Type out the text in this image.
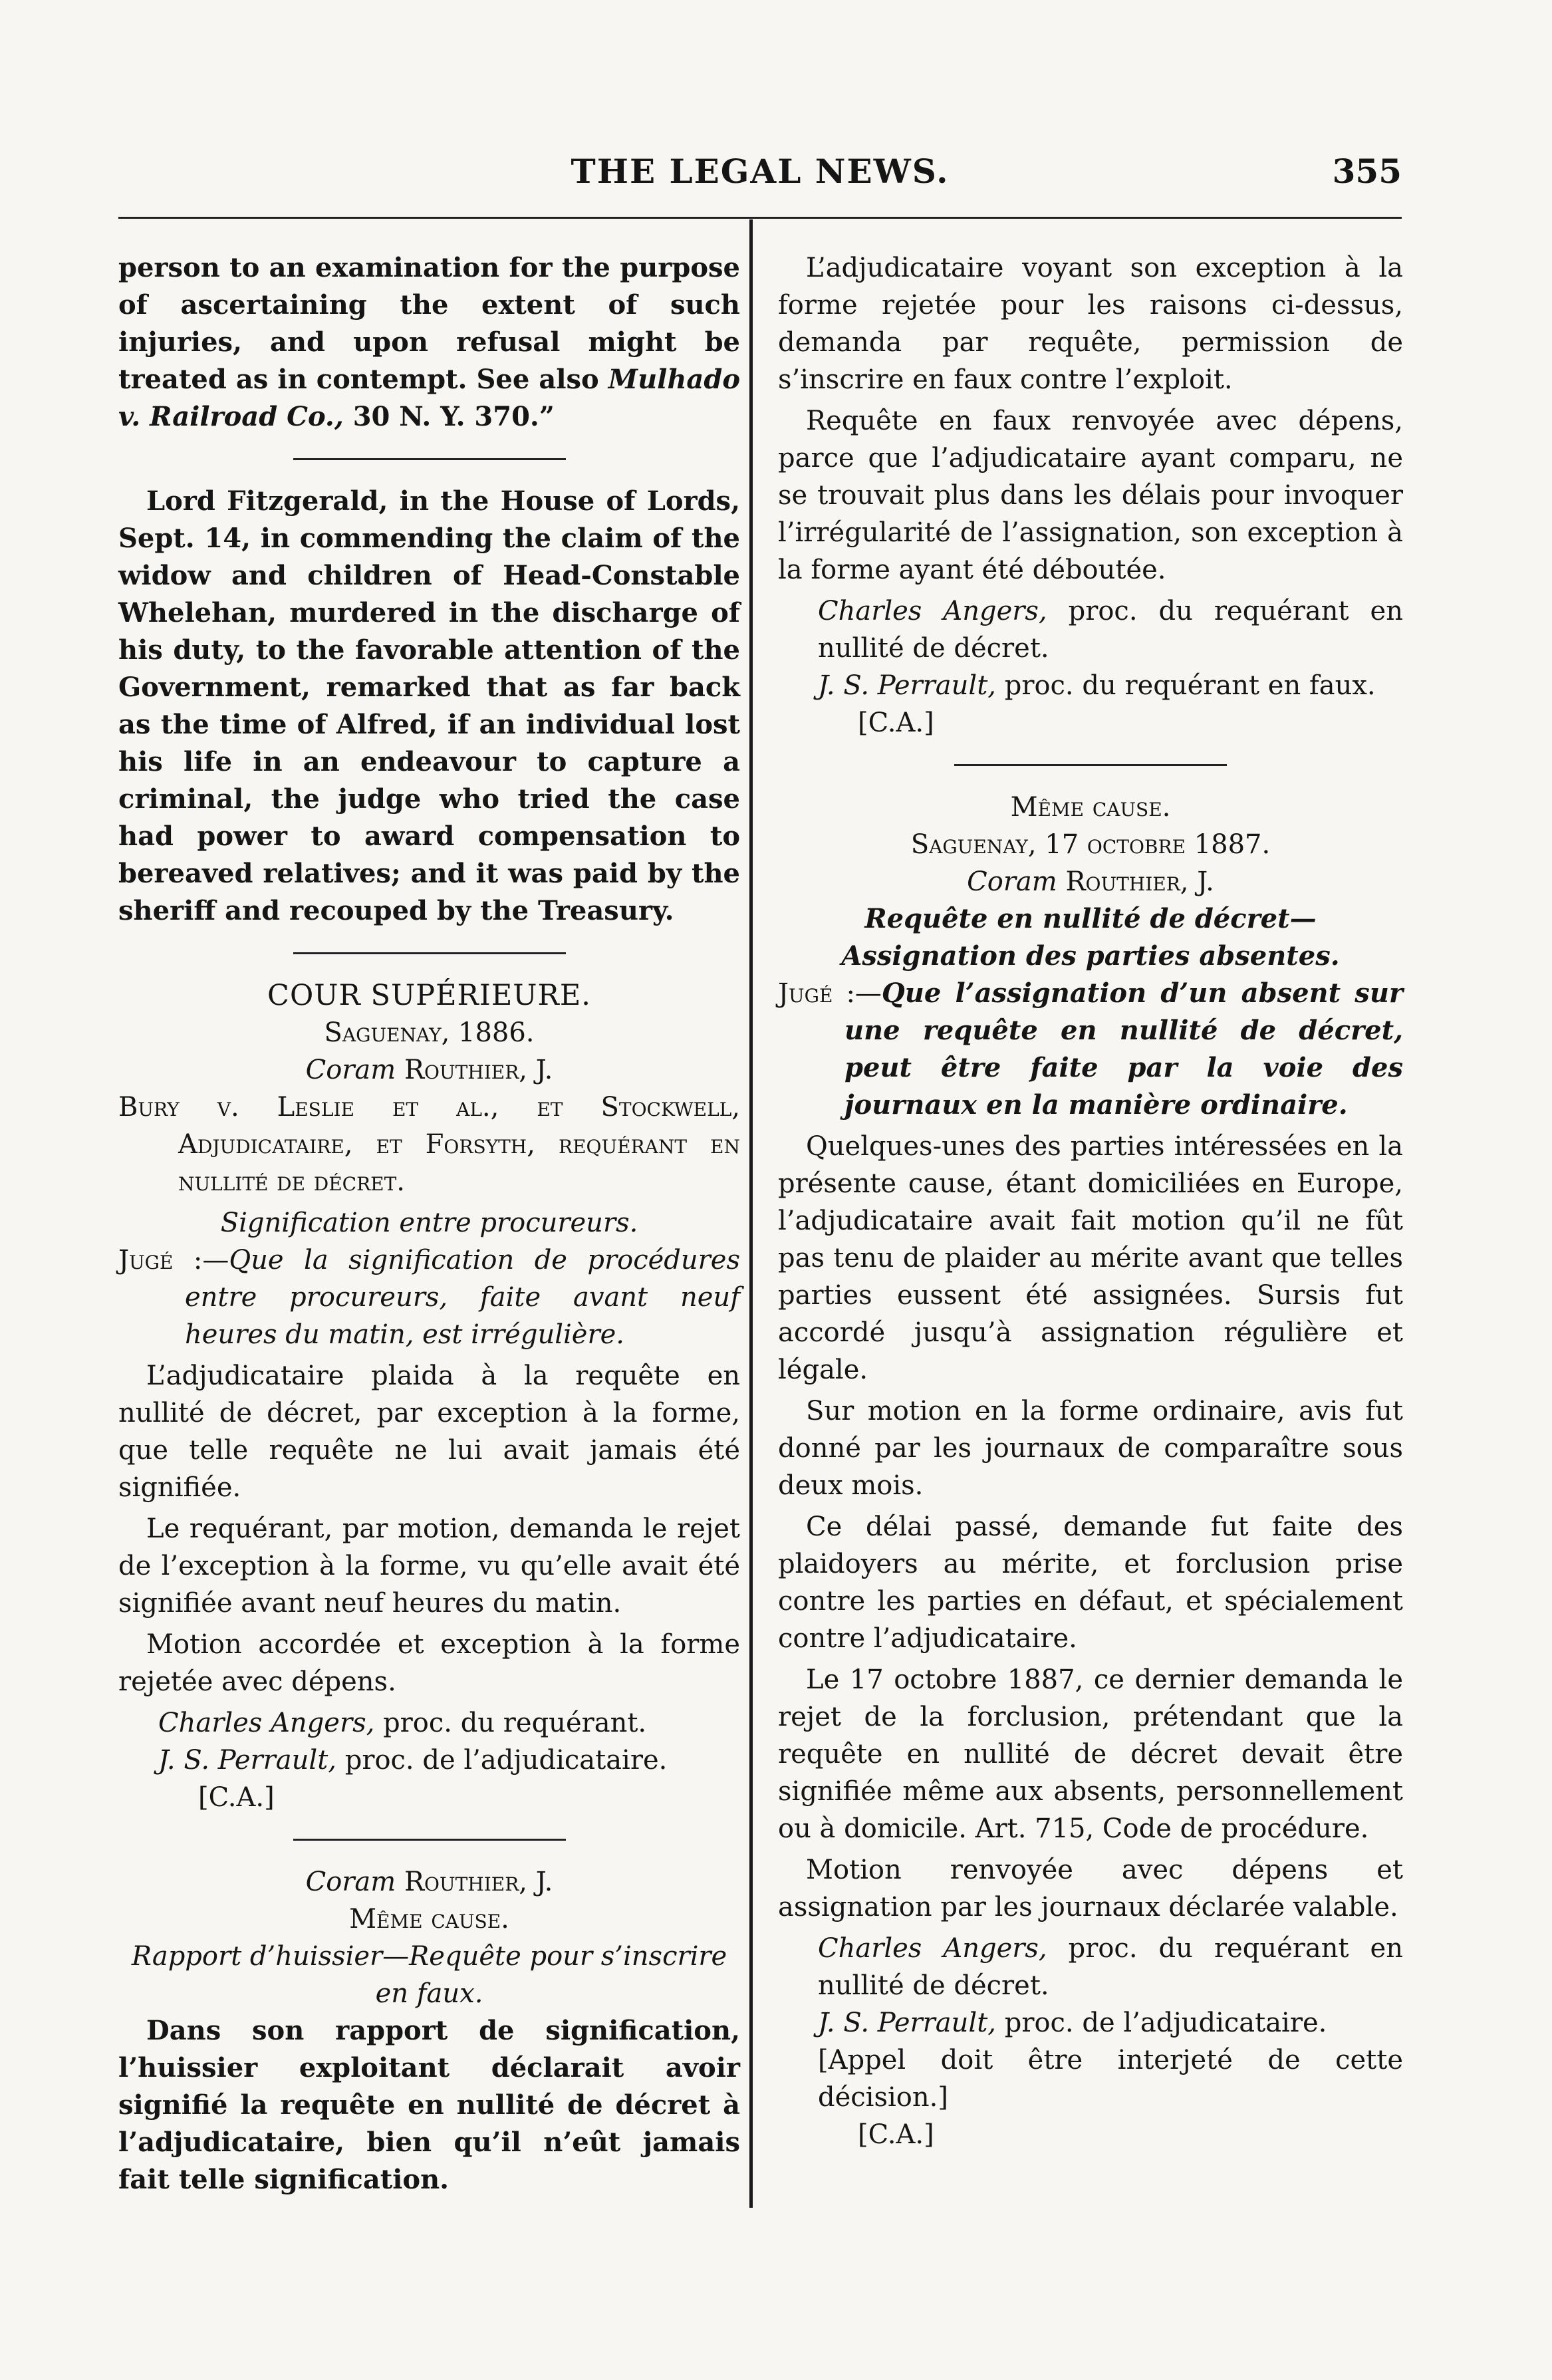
THE LEGAL NEWS.	355

person to an examination for the purpose of ascertaining the extent of such injuries, and upon refusal might be treated as in contempt. See also Mulhado v. Railroad Co., 30 N. Y. 370.”

Lord Fitzgerald, in the House of Lords, Sept. 14, in commending the claim of the widow and children of Head-Constable Whelehan, murdered in the discharge of his duty, to the favorable attention of the Government, remarked that as far back as the time of Alfred, if an individual lost his life in an endeavour to capture a criminal, the judge who tried the case had power to award compensation to bereaved relatives; and it was paid by the sheriff and recouped by the Treasury.

COUR SUPÉRIEURE.
Saguenay, 1886.
Coram Routhier, J.

Bury v. Leslie et al., et Stockwell, Adjudicataire, et Forsyth, requérant en nullité de décret.

Signification entre procureurs.

Jugé :—Que la signification de procédures entre procureurs, faite avant neuf heures du matin, est irrégulière.

L’adjudicataire plaida à la requête en nullité de décret, par exception à la forme, que telle requête ne lui avait jamais été signifiée.

Le requérant, par motion, demanda le rejet de l’exception à la forme, vu qu’elle avait été signifiée avant neuf heures du matin.

Motion accordée et exception à la forme rejetée avec dépens.

Charles Angers, proc. du requérant.
J. S. Perrault, proc. de l’adjudicataire.
[C.A.]
Coram Routhier, J.
Même cause.
Rapport d’huissier—Requête pour s’inscrire en faux.

Dans son rapport de signification, l’huissier exploitant déclarait avoir signifié la requête en nullité de décret à l’adjudicataire, bien qu’il n’eût jamais fait telle signification.

L’adjudicataire voyant son exception à la forme rejetée pour les raisons ci-dessus, demanda par requête, permission de s’inscrire en faux contre l’exploit.

Requête en faux renvoyée avec dépens, parce que l’adjudicataire ayant comparu, ne se trouvait plus dans les délais pour invoquer l’irrégularité de l’assignation, son exception à la forme ayant été déboutée.

Charles Angers, proc. du requérant en nullité de décret.
J. S. Perrault, proc. du requérant en faux.
[C.A.]
Même cause.
Saguenay, 17 octobre 1887.
Coram Routhier, J.
Requête en nullité de décret—Assignation des parties absentes.

Jugé :—Que l’assignation d’un absent sur une requête en nullité de décret, peut être faite par la voie des journaux en la manière ordinaire.

Quelques-unes des parties intéressées en la présente cause, étant domiciliées en Europe, l’adjudicataire avait fait motion qu’il ne fût pas tenu de plaider au mérite avant que telles parties eussent été assignées. Sursis fut accordé jusqu’à assignation régulière et légale.

Sur motion en la forme ordinaire, avis fut donné par les journaux de comparaître sous deux mois.

Ce délai passé, demande fut faite des plaidoyers au mérite, et forclusion prise contre les parties en défaut, et spécialement contre l’adjudicataire.

Le 17 octobre 1887, ce dernier demanda le rejet de la forclusion, prétendant que la requête en nullité de décret devait être signifiée même aux absents, personnellement ou à domicile. Art. 715, Code de procédure.

Motion renvoyée avec dépens et assignation par les journaux déclarée valable.

Charles Angers, proc. du requérant en nullité de décret.
J. S. Perrault, proc. de l’adjudicataire.
[Appel doit être interjeté de cette décision.]
[C.A.]
